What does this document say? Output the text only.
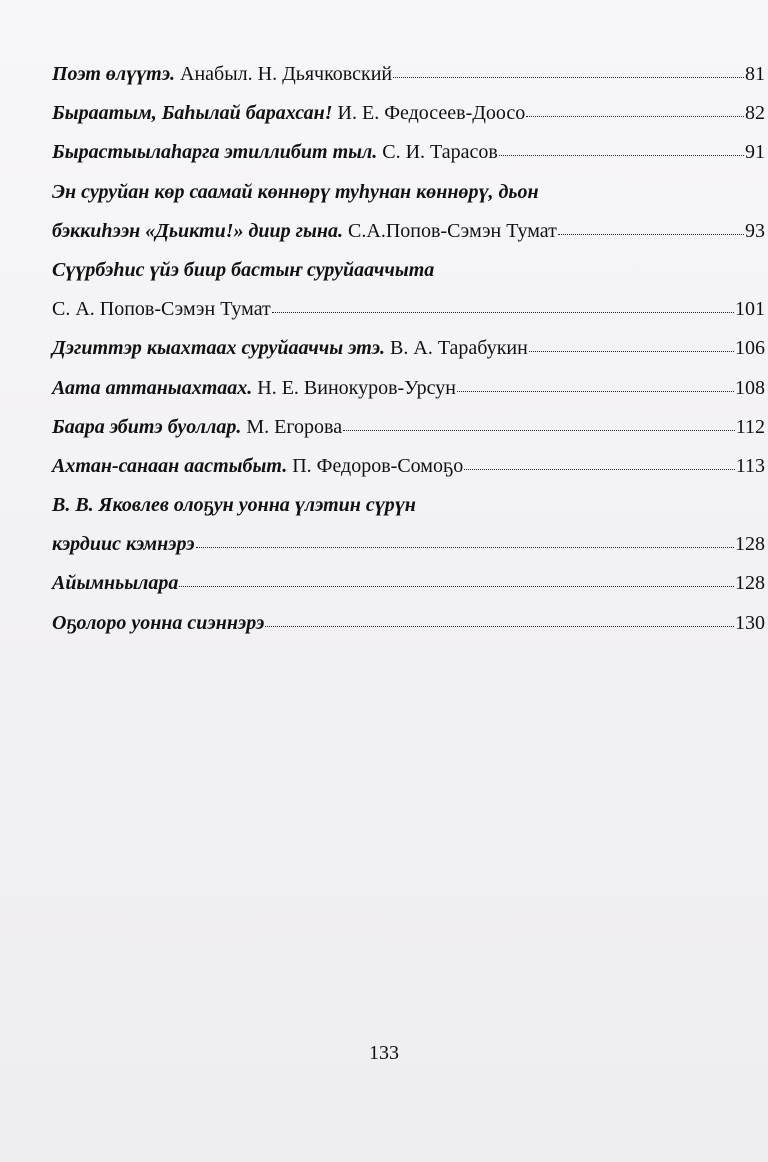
Поэт өлүүтэ. Анабыл. Н. Дьячковский	81
Быраатым, Баһылай барахсан! И. Е. Федосеев-Доосо	82
Бырастыылаһарга этиллибит тыл. С. И. Тарасов	91
Эн суруйан көр саамай көннөрү туһунан көннөрү, дьон
бэккиһээн «Дьикти!» диир гына. С.А.Попов-Сэмэн Тумат	93
Сүүрбэһис үйэ биир бастыҥ суруйааччыта
С. А. Попов-Сэмэн Тумат	101
Дэгиттэр кыахтаах суруйааччы этэ. В. А. Тарабукин	106
Аата аттаныахтаах. Н. Е. Винокуров-Урсун	108
Баара эбитэ буоллар. М. Егорова	112
Ахтан-санаан аастыбыт. П. Федоров-Сомоҕо	113
В. В. Яковлев олоҕун уонна үлэтин сүрүн
кэрдиис кэмнэрэ	128
Айымньылара	128
Оҕолоро уонна сиэннэрэ	130
133
